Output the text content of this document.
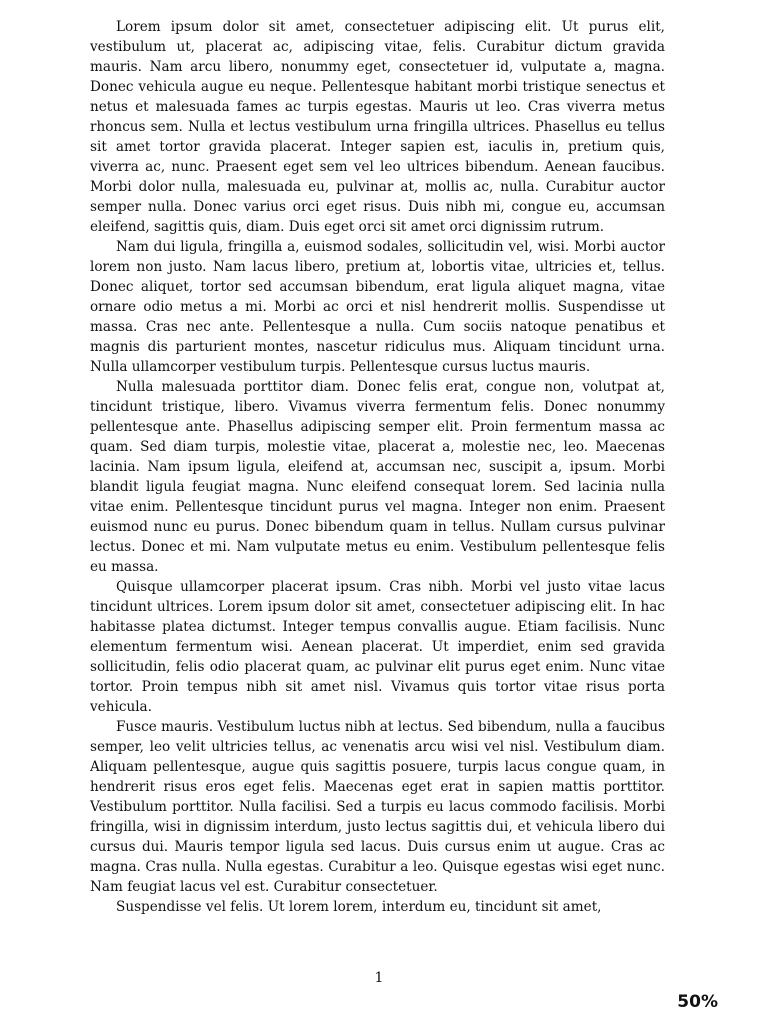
Lorem ipsum dolor sit amet, consectetuer adipiscing elit. Ut purus elit, vestibulum ut, placerat ac, adipiscing vitae, felis. Curabitur dictum gravida mauris. Nam arcu libero, nonummy eget, consectetuer id, vulputate a, magna. Donec vehicula augue eu neque. Pellentesque habitant morbi tristique senectus et netus et malesuada fames ac turpis egestas. Mauris ut leo. Cras viverra metus rhoncus sem. Nulla et lectus vestibulum urna fringilla ultrices. Phasellus eu tellus sit amet tortor gravida placerat. Integer sapien est, iaculis in, pretium quis, viverra ac, nunc. Praesent eget sem vel leo ultrices bibendum. Aenean faucibus. Morbi dolor nulla, malesuada eu, pulvinar at, mollis ac, nulla. Curabitur auctor semper nulla. Donec varius orci eget risus. Duis nibh mi, congue eu, accumsan eleifend, sagittis quis, diam. Duis eget orci sit amet orci dignissim rutrum.

Nam dui ligula, fringilla a, euismod sodales, sollicitudin vel, wisi. Morbi auctor lorem non justo. Nam lacus libero, pretium at, lobortis vitae, ultricies et, tellus. Donec aliquet, tortor sed accumsan bibendum, erat ligula aliquet magna, vitae ornare odio metus a mi. Morbi ac orci et nisl hendrerit mollis. Suspendisse ut massa. Cras nec ante. Pellentesque a nulla. Cum sociis natoque penatibus et magnis dis parturient montes, nascetur ridiculus mus. Aliquam tincidunt urna. Nulla ullamcorper vestibulum turpis. Pellentesque cursus luctus mauris.

Nulla malesuada porttitor diam. Donec felis erat, congue non, volutpat at, tincidunt tristique, libero. Vivamus viverra fermentum felis. Donec nonummy pellentesque ante. Phasellus adipiscing semper elit. Proin fermentum massa ac quam. Sed diam turpis, molestie vitae, placerat a, molestie nec, leo. Maecenas lacinia. Nam ipsum ligula, eleifend at, accumsan nec, suscipit a, ipsum. Morbi blandit ligula feugiat magna. Nunc eleifend consequat lorem. Sed lacinia nulla vitae enim. Pellentesque tincidunt purus vel magna. Integer non enim. Praesent euismod nunc eu purus. Donec bibendum quam in tellus. Nullam cursus pulvinar lectus. Donec et mi. Nam vulputate metus eu enim. Vestibulum pellentesque felis eu massa.

Quisque ullamcorper placerat ipsum. Cras nibh. Morbi vel justo vitae lacus tincidunt ultrices. Lorem ipsum dolor sit amet, consectetuer adipiscing elit. In hac habitasse platea dictumst. Integer tempus convallis augue. Etiam facilisis. Nunc elementum fermentum wisi. Aenean placerat. Ut imperdiet, enim sed gravida sollicitudin, felis odio placerat quam, ac pulvinar elit purus eget enim. Nunc vitae tortor. Proin tempus nibh sit amet nisl. Vivamus quis tortor vitae risus porta vehicula.

Fusce mauris. Vestibulum luctus nibh at lectus. Sed bibendum, nulla a faucibus semper, leo velit ultricies tellus, ac venenatis arcu wisi vel nisl. Vestibulum diam. Aliquam pellentesque, augue quis sagittis posuere, turpis lacus congue quam, in hendrerit risus eros eget felis. Maecenas eget erat in sapien mattis porttitor. Vestibulum porttitor. Nulla facilisi. Sed a turpis eu lacus commodo facilisis. Morbi fringilla, wisi in dignissim interdum, justo lectus sagittis dui, et vehicula libero dui cursus dui. Mauris tempor ligula sed lacus. Duis cursus enim ut augue. Cras ac magna. Cras nulla. Nulla egestas. Curabitur a leo. Quisque egestas wisi eget nunc. Nam feugiat lacus vel est. Curabitur consectetuer.

Suspendisse vel felis. Ut lorem lorem, interdum eu, tincidunt sit amet,

1
50%
